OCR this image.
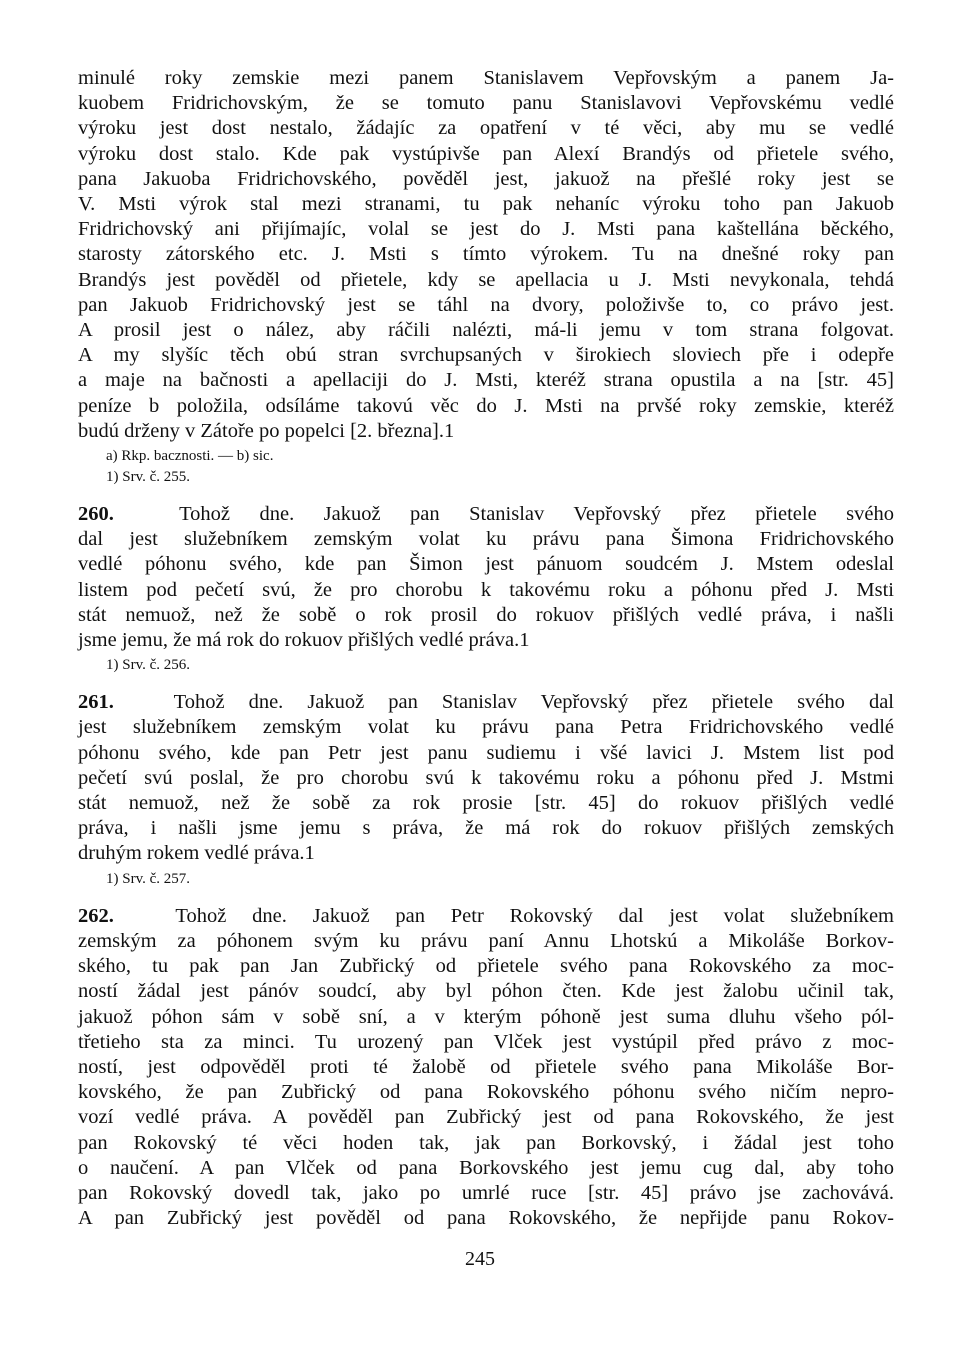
minulé roky zemskie mezi panem Stanislavem Vepřovským a panem Ja-
kuobem Fridrichovským, že se tomuto panu Stanislavovi Vepřovskému vedlé
výroku jest dost nestalo, žádajíc za opatření v té věci, aby mu se vedlé
výroku dost stalo. Kde pak vystúpivše pan Alexí Brandýs od přietele svého,
pana Jakuoba Fridrichovského, pověděl jest, jakuož na přešlé roky jest se
V. Msti výrok stal mezi stranami, tu pak nehaníc výroku toho pan Jakuob
Fridrichovský ani přijímajíc, volal se jest do J. Msti pana kaštellána běckého,
starosty zátorského etc. J. Msti s tímto výrokem. Tu na dnešné roky pan
Brandýs jest pověděl od přietele, kdy se apellacia u J. Msti nevykonala, tehdá
pan Jakuob Fridrichovský jest se táhl na dvory, položivše to, co právo jest.
A prosil jest o nález, aby ráčili nalézti, má-li jemu v tom strana folgovat.
A my slyšíc těch obú stran svrchupsaných v širokiech sloviech pře i odepře
a maje na bačnosti a apellaciji do J. Msti, kteréž strana opustila a na [str. 45]
peníze b položila, odsíláme takovú věc do J. Msti na prvšé roky zemskie, kteréž
budú drženy v Zátoře po popelci [2. března].1
a) Rkp. bacznosti. — b) sic.
1) Srv. č. 255.
260.	Tohož dne. Jakuož pan Stanislav Vepřovský přez přietele svého
dal jest služebníkem zemským volat ku právu pana Šimona Fridrichovského
vedlé póhonu svého, kde pan Šimon jest pánuom soudcém J. Mstem odeslal
listem pod pečetí svú, že pro chorobu k takovému roku a póhonu před J. Msti
stát nemuož, než že sobě o rok prosil do rokuov přišlých vedlé práva, i našli
jsme jemu, že má rok do rokuov přišlých vedlé práva.1
1) Srv. č. 256.
261.	Tohož dne. Jakuož pan Stanislav Vepřovský přez přietele svého dal
jest služebníkem zemským volat ku právu pana Petra Fridrichovského vedlé
póhonu svého, kde pan Petr jest panu sudiemu i všé lavici J. Mstem list pod
pečetí svú poslal, že pro chorobu svú k takovému roku a póhonu před J. Mstmi
stát nemuož, než že sobě za rok prosie [str. 45] do rokuov přišlých vedlé
práva, i našli jsme jemu s práva, že má rok do rokuov přišlých zemských
druhým rokem vedlé práva.1
1) Srv. č. 257.
262.	Tohož dne. Jakuož pan Petr Rokovský dal jest volat služebníkem
zemským za póhonem svým ku právu paní Annu Lhotskú a Mikoláše Borkov-
ského, tu pak pan Jan Zubřický od přietele svého pana Rokovského za moc-
ností žádal jest pánóv soudcí, aby byl póhon čten. Kde jest žalobu učinil tak,
jakuož póhon sám v sobě sní, a v kterým póhoně jest suma dluhu všeho pól-
třetieho sta za minci. Tu urozený pan Vlček jest vystúpil před právo z moc-
ností, jest odpověděl proti té žalobě od přietele svého pana Mikoláše Bor-
kovského, že pan Zubřický od pana Rokovského póhonu svého ničím nepro-
vozí vedlé práva. A pověděl pan Zubřický jest od pana Rokovského, že jest
pan Rokovský té věci hoden tak, jak pan Borkovský, i žádal jest toho
o naučení. A pan Vlček od pana Borkovského jest jemu cug dal, aby toho
pan Rokovský dovedl tak, jako po umrlé ruce [str. 45] právo jse zachovává.
A pan Zubřický jest pověděl od pana Rokovského, že nepřijde panu Rokov-
245
